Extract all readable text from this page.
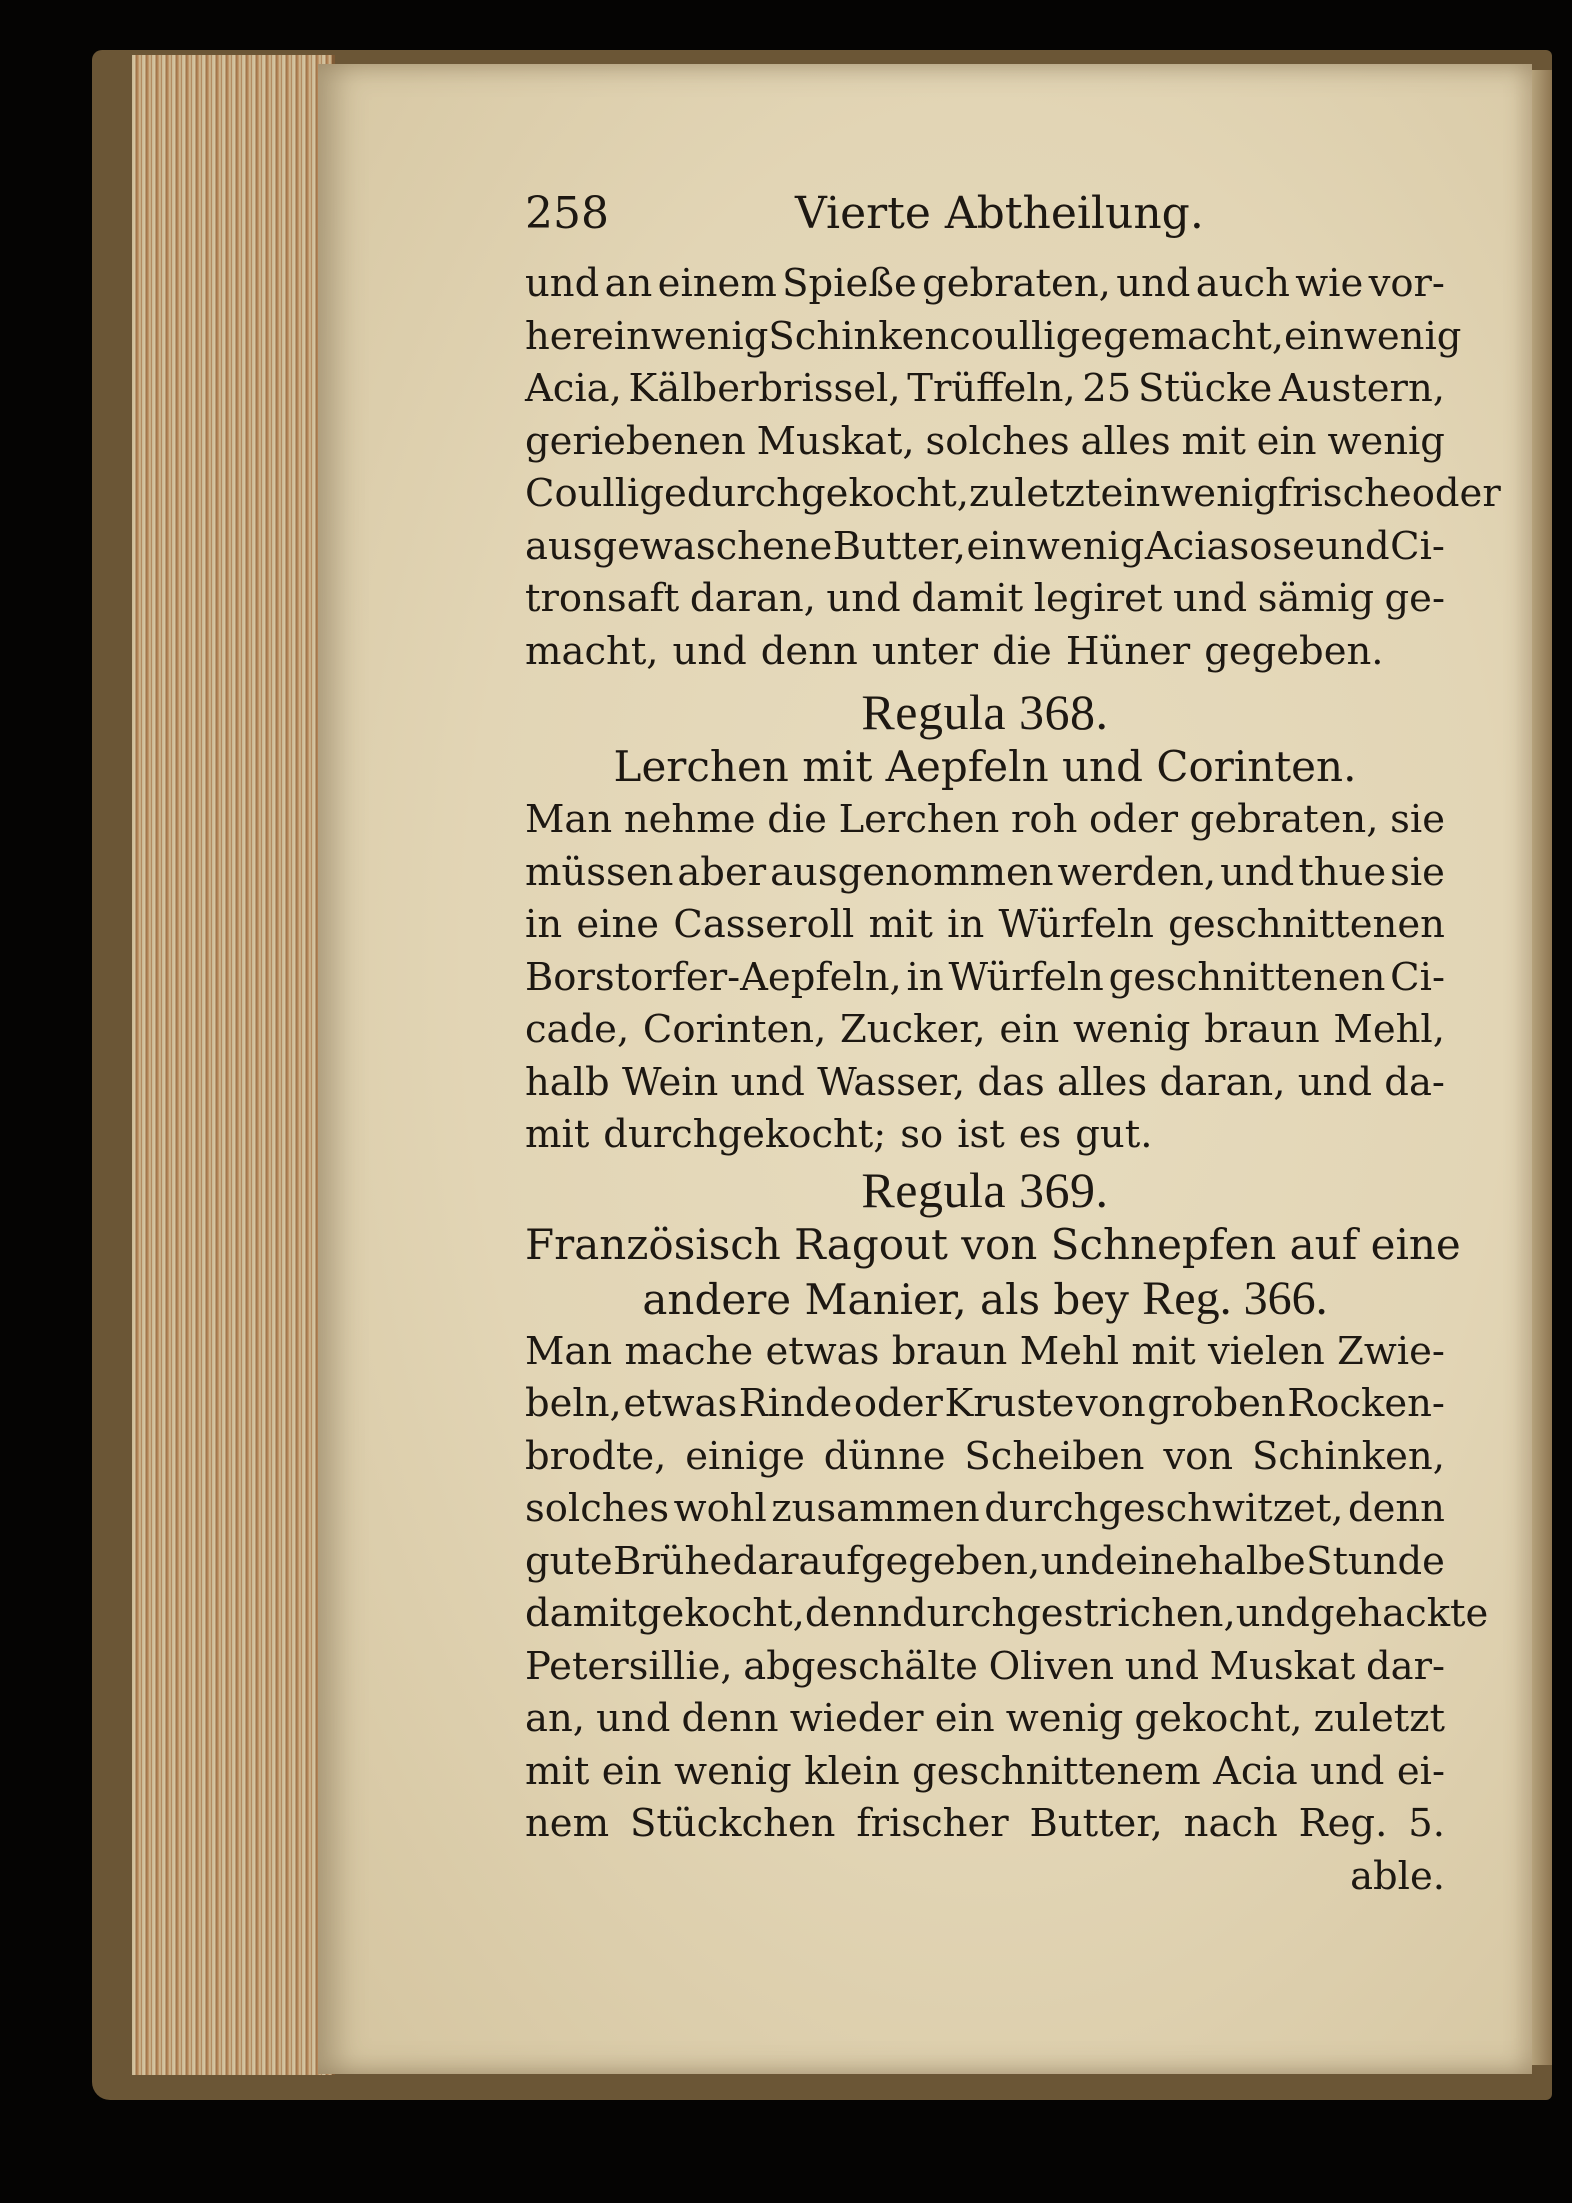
258	Vierte Abtheilung.
und an einem Spieße gebraten, und auch wie vor-
her ein wenig Schinkencoullige gemacht, ein wenig
Acia, Kälberbrissel, Trüffeln, 25 Stücke Austern,
geriebenen Muskat, solches alles mit ein wenig
Coullige durchgekocht, zuletzt ein wenig frische oder
ausgewaschene Butter, ein wenig Aciasose und Ci-
tronsaft daran, und damit legiret und sämig ge-
macht, und denn unter die Hüner gegeben.
Regula 368.
Lerchen mit Aepfeln und Corinten.
Man nehme die Lerchen roh oder gebraten, sie
müssen aber ausgenommen werden, und thue sie
in eine Casseroll mit in Würfeln geschnittenen
Borstorfer-Aepfeln, in Würfeln geschnittenen Ci-
cade, Corinten, Zucker, ein wenig braun Mehl,
halb Wein und Wasser, das alles daran, und da-
mit durchgekocht; so ist es gut.
Regula 369.
Französisch Ragout von Schnepfen auf eine
andere Manier, als bey Reg. 366.
Man mache etwas braun Mehl mit vielen Zwie-
beln, etwas Rinde oder Kruste von groben Rocken-
brodte, einige dünne Scheiben von Schinken,
solches wohl zusammen durchgeschwitzet, denn
gute Brühe darauf gegeben, und eine halbe Stunde
damit gekocht, denn durchgestrichen, und gehackte
Petersillie, abgeschälte Oliven und Muskat dar-
an, und denn wieder ein wenig gekocht, zuletzt
mit ein wenig klein geschnittenem Acia und ei-
nem Stückchen frischer Butter, nach Reg. 5.
able.
